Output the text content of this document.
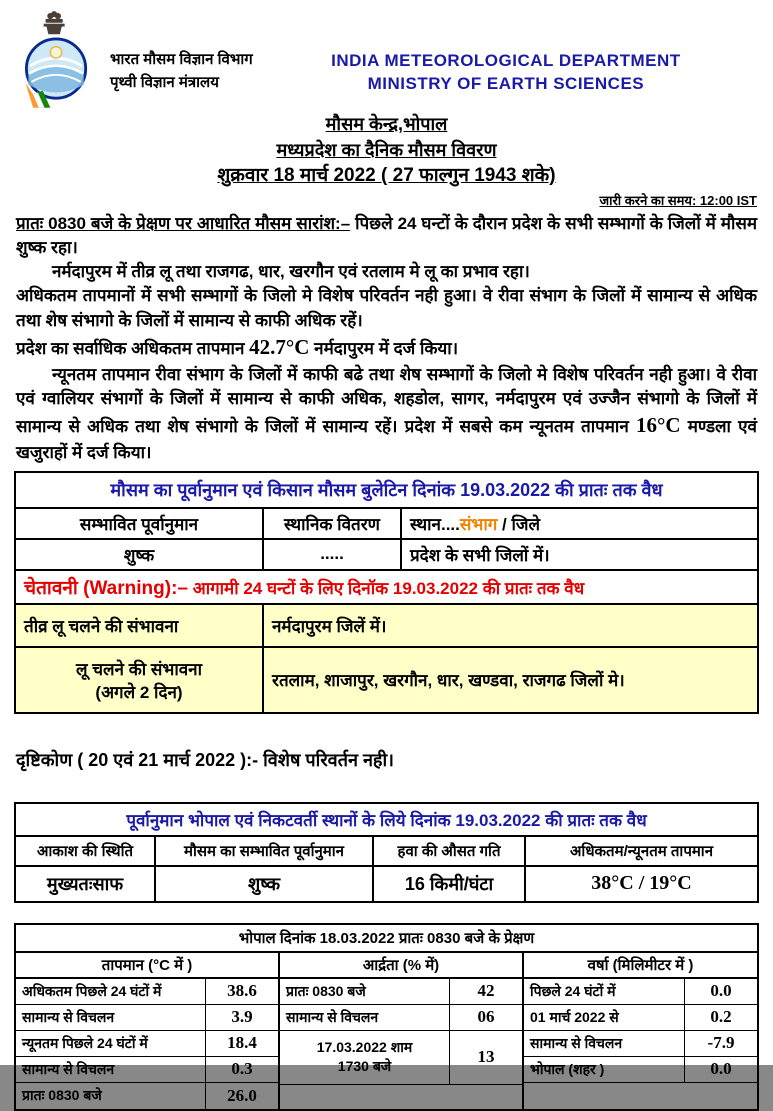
भारत मौसम विज्ञान विभाग
पृथ्वी विज्ञान मंत्रालय
INDIA METEOROLOGICAL DEPARTMENT
MINISTRY OF EARTH SCIENCES
मौसम केन्द्र,भोपाल
मध्यप्रदेश का दैनिक मौसम विवरण
शुक्रवार 18 मार्च 2022 ( 27 फाल्गुन 1943 शके)
जारी करने का समय: 12:00 IST

प्रातः 0830 बजे के प्रेक्षण पर आधारित मौसम सारांश:– पिछले 24 घन्टों के दौरान प्रदेश के सभी सम्भागों के जिलों में मौसम शुष्क रहा।

नर्मदापुरम में तीव्र लू तथा राजगढ, धार, खरगौन एवं रतलाम मे लू का प्रभाव रहा।

अधिकतम तापमानों में सभी सम्भागों के जिलो मे विशेष परिवर्तन नही हुआ। वे रीवा संभाग के जिलों में सामान्य से अधिक तथा शेष संभागो के जिलों में सामान्य से काफी अधिक रहें।

प्रदेश का सर्वाधिक अधिकतम तापमान 42.7°C नर्मदापुरम में दर्ज किया।

न्यूनतम तापमान रीवा संभाग के जिलों में काफी बढे तथा शेष सम्भागों के जिलो मे विशेष परिवर्तन नही हुआ। वे रीवा एवं ग्वालियर संभागों के जिलों में सामान्य से काफी अधिक, शहडोल, सागर, नर्मदापुरम एवं उज्जैन संभागो के जिलों में सामान्य से अधिक तथा शेष संभागो के जिलों में सामान्य रहें। प्रदेश में सबसे कम न्यूनतम तापमान 16°C मण्डला एवं खजुराहों में दर्ज किया।

मौसम का पूर्वानुमान एवं किसान मौसम बुलेटिन दिनांक 19.03.2022 की प्रातः तक वैध		
सम्भावित पूर्वानुमान	स्थानिक वितरण	स्थान....संभाग / जिले
शुष्क	.....	प्रदेश के सभी जिलों में।
चेतावनी (Warning):– आगामी 24 घन्टों के लिए दिनॉक 19.03.2022 की प्रातः तक वैध		
तीव्र लू चलने की संभावना	नर्मदापुरम जिलें में।	

लू चलने की संभावना
(अगले 2 दिन)	रतलाम, शाजापुर, खरगौन, धार, खण्डवा, राजगढ जिलों मे।	
दृष्टिकोण ( 20 एवं 21 मार्च 2022 ):- विशेष परिवर्तन नही।
पूर्वानुमान भोपाल एवं निकटवर्ती स्थानों के लिये दिनांक 19.03.2022 की प्रातः तक वैध			
आकाश की स्थिति	मौसम का सम्भावित पूर्वानुमान	हवा की औसत गति	अधिकतम/न्यूनतम तापमान
मुख्यतःसाफ	शुष्क	16 किमी/घंटा	38°C / 19°C
भोपाल दिनांक 18.03.2022 प्रातः 0830 बजे के प्रेक्षण
तापमान (°C में )
अधिकतम पिछले 24 घंटों में	38.6
सामान्य से विचलन	3.9
न्यूनतम पिछले 24 घंटों में	18.4
सामान्य से विचलन	0.3
प्रातः 0830 बजे	26.0
आर्द्रता (% में)
प्रातः 0830 बजे	42
सामान्य से विचलन	06
17.03.2022 शाम
1730 बजे	13
वर्षा (मिलिमीटर में )
पिछले 24 घंटों में	0.0
01 मार्च 2022 से	0.2
सामान्य से विचलन	-7.9
भोपाल (शहर )	0.0
